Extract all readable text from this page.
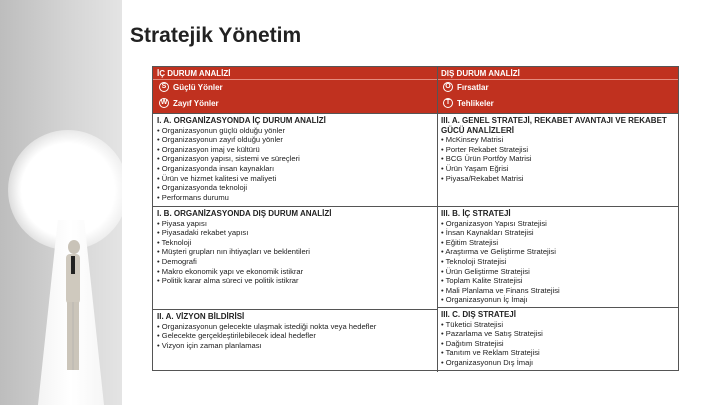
Stratejik Yönetim
İÇ DURUM ANALİZİ
S Güçlü Yönler
W Zayıf Yönler
DIŞ DURUM ANALİZİ
O Fırsatlar
T Tehlikeler
I. A. ORGANİZASYONDA İÇ DURUM ANALİZİ
• Organizasyonun güçlü olduğu yönler
• Organizasyonun zayıf olduğu yönler
• Organizasyon imaj ve kültürü
• Organizasyon yapısı, sistemi ve süreçleri
• Organizasyonda insan kaynakları
• Ürün ve hizmet kalitesi ve maliyeti
• Organizasyonda teknoloji
• Performans durumu
I. B. ORGANİZASYONDA DIŞ DURUM ANALİZİ
• Piyasa yapısı
• Piyasadaki rekabet yapısı
• Teknoloji
• Müşteri grupları nın ihtiyaçları ve beklentileri
• Demografi
• Makro ekonomik yapı ve ekonomik istikrar
• Politik karar alma süreci ve politik istikrar
II. A. VİZYON BİLDİRİSİ
• Organizasyonun gelecekte ulaşmak istediği nokta veya hedefler
• Gelecekte gerçekleştirilebilecek ideal hedefler
• Vizyon için zaman planlaması
III. A. GENEL STRATEJİ, REKABET AVANTAJI VE REKABET GÜCÜ ANALİZLERİ
• McKinsey Matrisi
• Porter Rekabet Stratejisi
• BCG Ürün Portföy Matrisi
• Ürün Yaşam Eğrisi
• Piyasa/Rekabet Matrisi
III. B. İÇ STRATEJİ
• Organizasyon Yapısı Stratejisi
• İnsan Kaynakları Stratejisi
• Eğitim Stratejisi
• Araştırma ve Geliştirme Stratejisi
• Teknoloji Stratejisi
• Ürün Geliştirme Stratejisi
• Toplam Kalite Stratejisi
• Mali Planlama ve Finans Stratejisi
• Organizasyonun İç İmajı
III. C. DIŞ STRATEJİ
• Tüketici Stratejisi
• Pazarlama ve Satış Stratejisi
• Dağıtım Stratejisi
• Tanıtım ve Reklam Stratejisi
• Organizasyonun Dış İmajı
